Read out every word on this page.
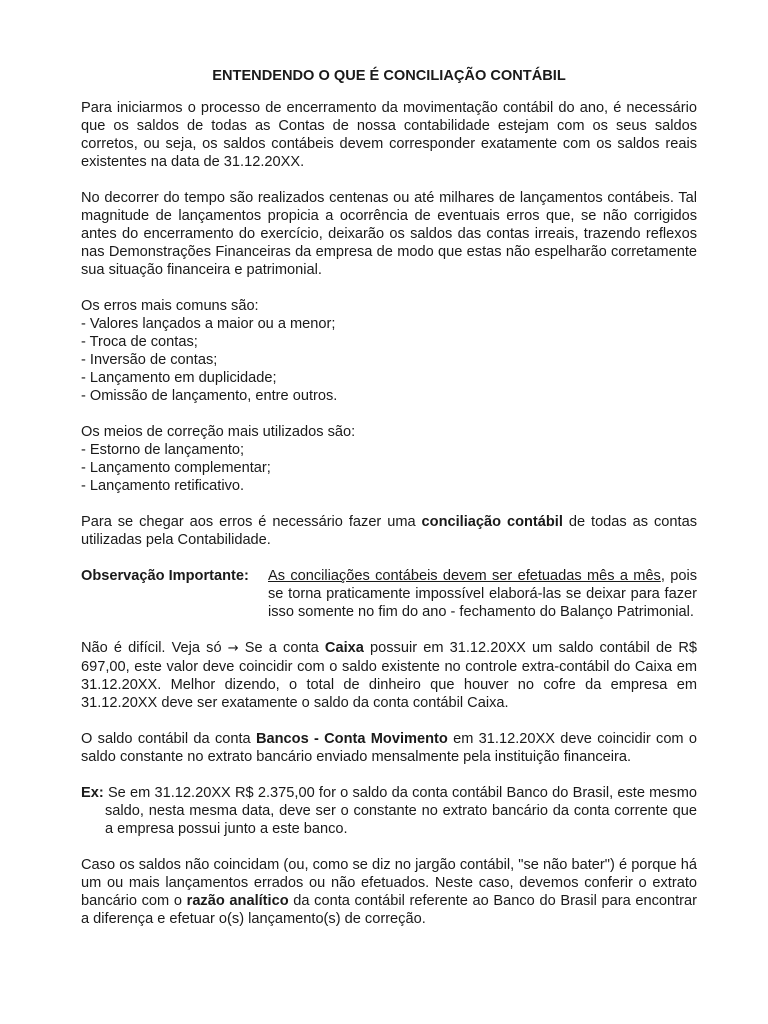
ENTENDENDO O QUE É CONCILIAÇÃO CONTÁBIL

Para iniciarmos o processo de encerramento da movimentação contábil do ano, é necessário que os saldos de todas as Contas de nossa contabilidade estejam com os seus saldos corretos, ou seja, os saldos contábeis devem corresponder exatamente com os saldos reais existentes na data de 31.12.20XX.

No decorrer do tempo são realizados centenas ou até milhares de lançamentos contábeis. Tal magnitude de lançamentos propicia a ocorrência de eventuais erros que, se não corrigidos antes do encerramento do exercício, deixarão os saldos das contas irreais, trazendo reflexos nas Demonstrações Financeiras da empresa de modo que estas não espelharão corretamente sua situação financeira e patrimonial.

Os erros mais comuns são:

- Valores lançados a maior ou a menor;
- Troca de contas;
- Inversão de contas;
- Lançamento em duplicidade;
- Omissão de lançamento, entre outros.

Os meios de correção mais utilizados são:

- Estorno de lançamento;
- Lançamento complementar;
- Lançamento retificativo.

Para se chegar aos erros é necessário fazer uma conciliação contábil de todas as contas utilizadas pela Contabilidade.

Observação Importante:	As conciliações contábeis devem ser efetuadas mês a mês, pois se torna praticamente impossível elaborá-las se deixar para fazer isso somente no fim do ano - fechamento do Balanço Patrimonial.

Não é difícil. Veja só → Se a conta Caixa possuir em 31.12.20XX um saldo contábil de R$ 697,00, este valor deve coincidir com o saldo existente no controle extra-contábil do Caixa em 31.12.20XX. Melhor dizendo, o total de dinheiro que houver no cofre da empresa em 31.12.20XX deve ser exatamente o saldo da conta contábil Caixa.

O saldo contábil da conta Bancos - Conta Movimento em 31.12.20XX deve coincidir com o saldo constante no extrato bancário enviado mensalmente pela instituição financeira.

Ex: Se em 31.12.20XX R$ 2.375,00 for o saldo da conta contábil Banco do Brasil, este mesmo saldo, nesta mesma data, deve ser o constante no extrato bancário da conta corrente que a empresa possui junto a este banco.

Caso os saldos não coincidam (ou, como se diz no jargão contábil, "se não bater") é porque há um ou mais lançamentos errados ou não efetuados. Neste caso, devemos conferir o extrato bancário com o razão analítico da conta contábil referente ao Banco do Brasil para encontrar a diferença e efetuar o(s) lançamento(s) de correção.
